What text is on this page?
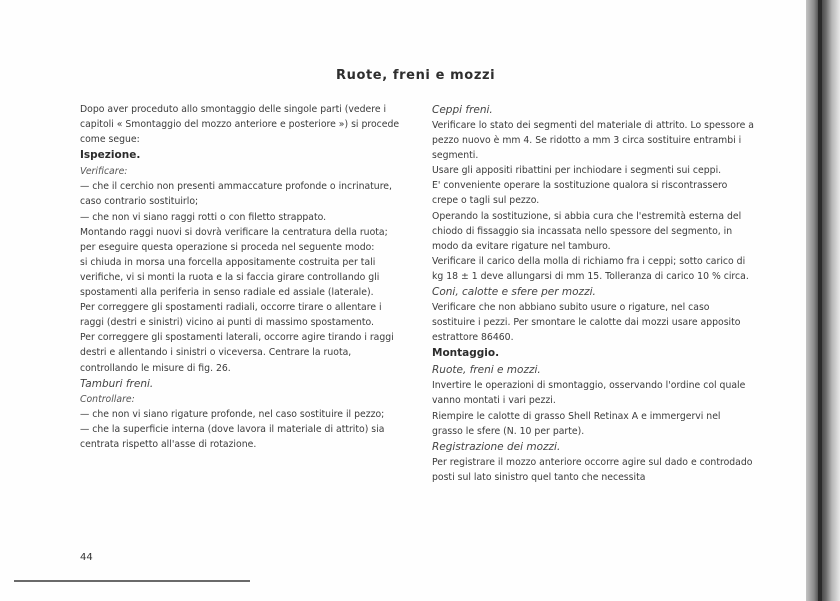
Ruote, freni e mozzi

Dopo aver proceduto allo smontaggio delle singole parti (vedere i capitoli « Smontaggio del mozzo anteriore e posteriore ») si procede come segue:

Ispezione.

Verificare:

— che il cerchio non presenti ammaccature profonde o incrinature, caso contrario sostituirlo;

— che non vi siano raggi rotti o con filetto strappato.

Montando raggi nuovi si dovrà verificare la centratura della ruota; per eseguire questa operazione si proceda nel seguente modo:

si chiuda in morsa una forcella appositamente costruita per tali verifiche, vi si monti la ruota e la si faccia girare controllando gli spostamenti alla periferia in senso radiale ed assiale (laterale).

Per correggere gli spostamenti radiali, occorre tirare o allentare i raggi (destri e sinistri) vicino ai punti di massimo spostamento.

Per correggere gli spostamenti laterali, occorre agire tirando i raggi destri e allentando i sinistri o viceversa. Centrare la ruota, controllando le misure di fig. 26.

Tamburi freni.

Controllare:

— che non vi siano rigature profonde, nel caso sostituire il pezzo;

— che la superficie interna (dove lavora il materiale di attrito) sia centrata rispetto all'asse di rotazione.

Ceppi freni.

Verificare lo stato dei segmenti del materiale di attrito. Lo spessore a pezzo nuovo è mm 4. Se ridotto a mm 3 circa sostituire entrambi i segmenti.

Usare gli appositi ribattini per inchiodare i segmenti sui ceppi.

E' conveniente operare la sostituzione qualora si riscontrassero crepe o tagli sul pezzo.

Operando la sostituzione, si abbia cura che l'estremità esterna del chiodo di fissaggio sia incassata nello spessore del segmento, in modo da evitare rigature nel tamburo.

Verificare il carico della molla di richiamo fra i ceppi; sotto carico di kg 18 ± 1 deve allungarsi di mm 15. Tolleranza di carico 10 % circa.

Coni, calotte e sfere per mozzi.

Verificare che non abbiano subito usure o rigature, nel caso sostituire i pezzi. Per smontare le calotte dai mozzi usare apposito estrattore 86460.

Montaggio.

Ruote, freni e mozzi.

Invertire le operazioni di smontaggio, osservando l'ordine col quale vanno montati i vari pezzi.

Riempire le calotte di grasso Shell Retinax A e immergervi nel grasso le sfere (N. 10 per parte).

Registrazione dei mozzi.

Per registrare il mozzo anteriore occorre agire sul dado e controdado posti sul lato sinistro quel tanto che necessita

44
